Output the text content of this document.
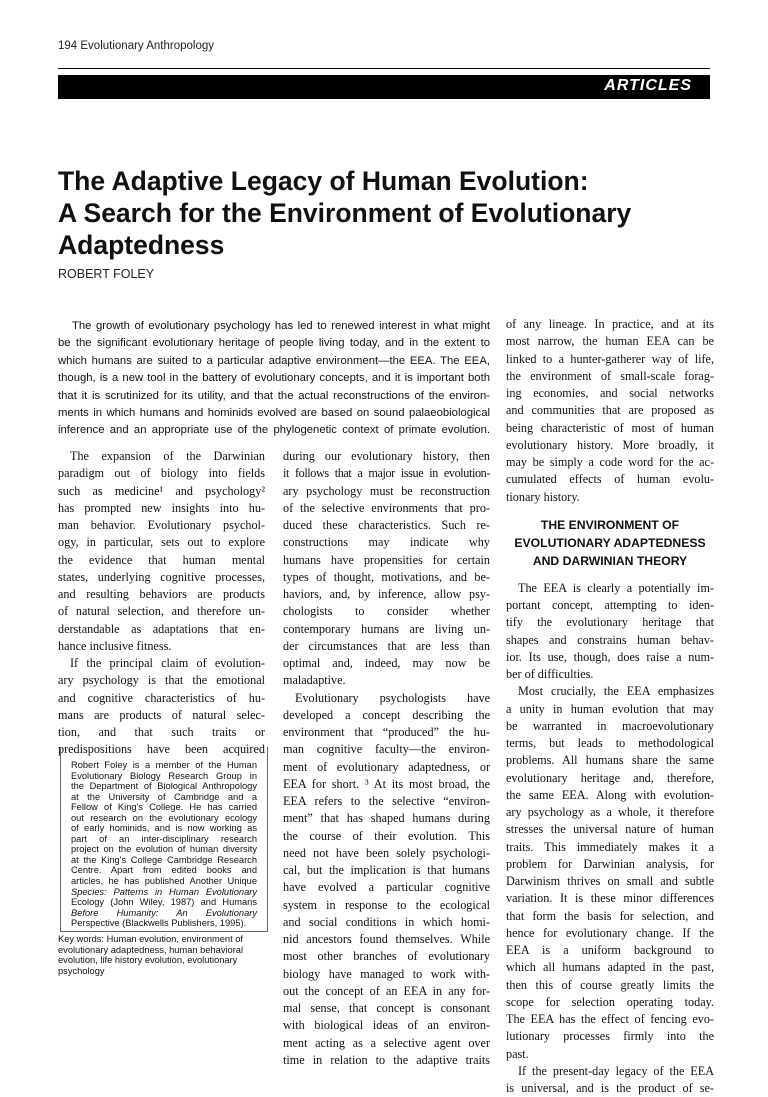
194 Evolutionary Anthropology
ARTICLES
The Adaptive Legacy of Human Evolution:
A Search for the Environment of Evolutionary
Adaptedness
ROBERT FOLEY
The growth of evolutionary psychology has led to renewed interest in what might
be the significant evolutionary heritage of people living today, and in the extent to
which humans are suited to a particular adaptive environment—the EEA. The EEA,
though, is a new tool in the battery of evolutionary concepts, and it is important both
that it is scrutinized for its utility, and that the actual reconstructions of the environ-
ments in which humans and hominids evolved are based on sound palaeobiological
inference and an appropriate use of the phylogenetic context of primate evolution.
The expansion of the Darwinian
paradigm out of biology into fields
such as medicine¹ and psychology²
has prompted new insights into hu-
man behavior. Evolutionary psychol-
ogy, in particular, sets out to explore
the evidence that human mental
states, underlying cognitive processes,
and resulting behaviors are products
of natural selection, and therefore un-
derstandable as adaptations that en-
hance inclusive fitness.
If the principal claim of evolution-
ary psychology is that the emotional
and cognitive characteristics of hu-
mans are products of natural selec-
tion, and that such traits or
predispositions have been acquired
Robert Foley is a member of the Human
Evolutionary Biology Research Group in
the Department of Biological Anthropology
at the University of Cambridge and a
Fellow of King's College. He has carried
out research on the evolutionary ecology
of early hominids, and is now working as
part of an inter-disciplinary research
project on the evolution of human diversity
at the King's College Cambridge Research
Centre. Apart from edited books and
articles, he has published Another Unique
Species: Patterns in Human Evolutionary
Ecology (John Wiley, 1987) and Humans
Before Humanity: An Evolutionary
Perspective (Blackwells Publishers, 1995).
Key words: Human evolution, environment of
evolutionary adaptedness, human behavioral
evolution, life history evolution, evolutionary
psychology
during our evolutionary history, then
it follows that a major issue in evolution-
ary psychology must be reconstruction
of the selective environments that pro-
duced these characteristics. Such re-
constructions may indicate why
humans have propensities for certain
types of thought, motivations, and be-
haviors, and, by inference, allow psy-
chologists to consider whether
contemporary humans are living un-
der circumstances that are less than
optimal and, indeed, may now be
maladaptive.
Evolutionary psychologists have
developed a concept describing the
environment that “produced” the hu-
man cognitive faculty—the environ-
ment of evolutionary adaptedness, or
EEA for short. ³ At its most broad, the
EEA refers to the selective “environ-
ment” that has shaped humans during
the course of their evolution. This
need not have been solely psychologi-
cal, but the implication is that humans
have evolved a particular cognitive
system in response to the ecological
and social conditions in which homi-
nid ancestors found themselves. While
most other branches of evolutionary
biology have managed to work with-
out the concept of an EEA in any for-
mal sense, that concept is consonant
with biological ideas of an environ-
ment acting as a selective agent over
time in relation to the adaptive traits
of any lineage. In practice, and at its
most narrow, the human EEA can be
linked to a hunter-gatherer way of life,
the environment of small-scale forag-
ing economies, and social networks
and communities that are proposed as
being characteristic of most of human
evolutionary history. More broadly, it
may be simply a code word for the ac-
cumulated effects of human evolu-
tionary history.
THE ENVIRONMENT OF
EVOLUTIONARY ADAPTEDNESS
AND DARWINIAN THEORY
The EEA is clearly a potentially im-
portant concept, attempting to iden-
tify the evolutionary heritage that
shapes and constrains human behav-
ior. Its use, though, does raise a num-
ber of difficulties.
Most crucially, the EEA emphasizes
a unity in human evolution that may
be warranted in macroevolutionary
terms, but leads to methodological
problems. All humans share the same
evolutionary heritage and, therefore,
the same EEA. Along with evolution-
ary psychology as a whole, it therefore
stresses the universal nature of human
traits. This immediately makes it a
problem for Darwinian analysis, for
Darwinism thrives on small and subtle
variation. It is these minor differences
that form the basis for selection, and
hence for evolutionary change. If the
EEA is a uniform background to
which all humans adapted in the past,
then this of course greatly limits the
scope for selection operating today.
The EEA has the effect of fencing evo-
lutionary processes firmly into the
past.
If the present-day legacy of the EEA
is universal, and is the product of se-
